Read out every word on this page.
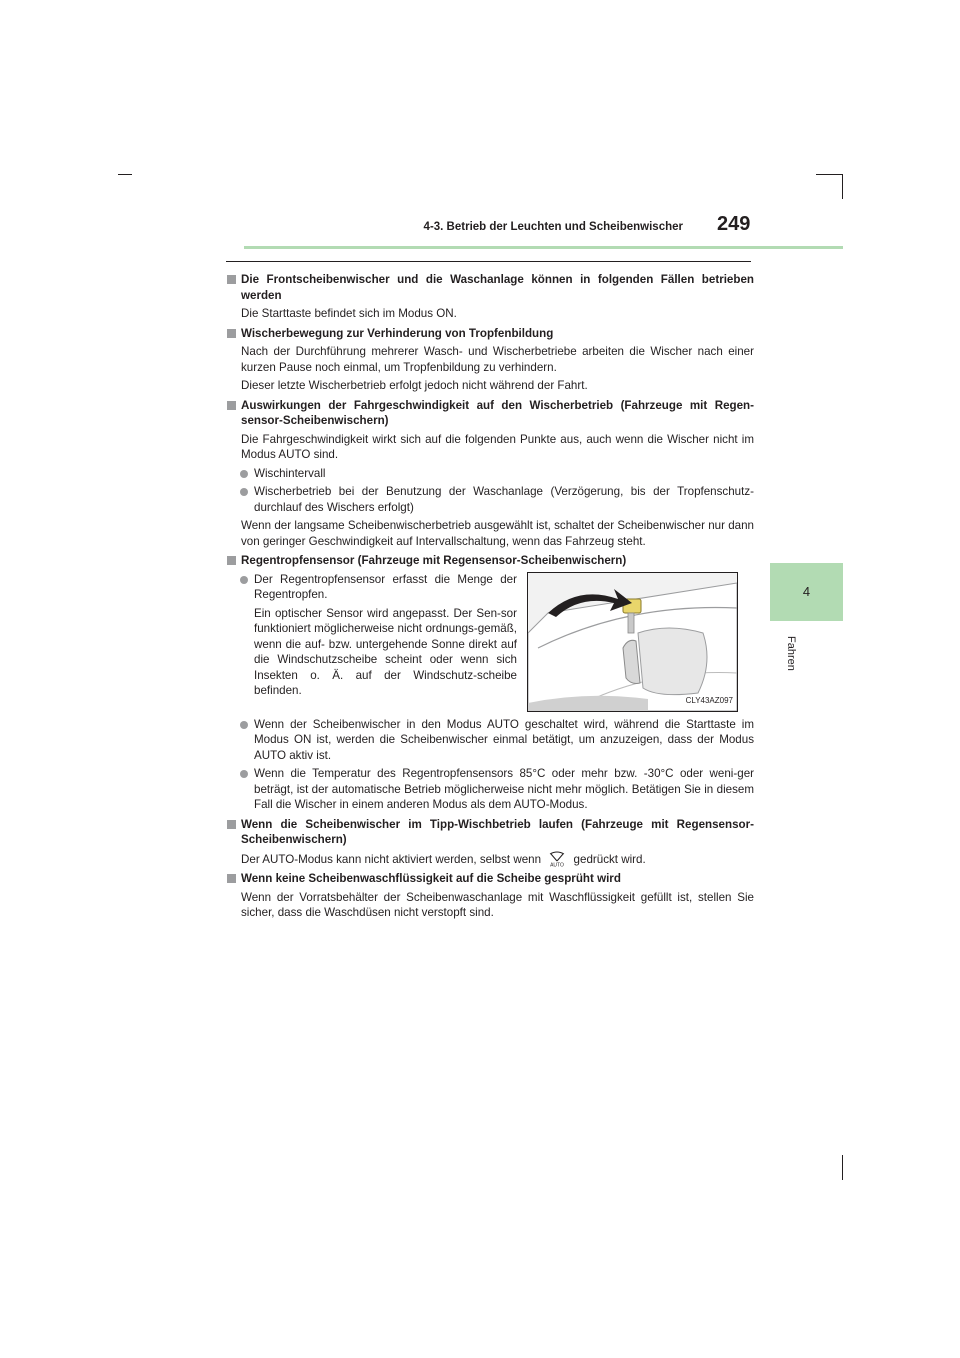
4-3. Betrieb der Leuchten und Scheibenwischer 249
4
Fahren
Die Frontscheibenwischer und die Waschanlage können in folgenden Fällen betrieben werden
Die Starttaste befindet sich im Modus ON.
Wischerbewegung zur Verhinderung von Tropfenbildung
Nach der Durchführung mehrerer Wasch- und Wischerbetriebe arbeiten die Wischer nach einer kurzen Pause noch einmal, um Tropfenbildung zu verhindern.
Dieser letzte Wischerbetrieb erfolgt jedoch nicht während der Fahrt.
Auswirkungen der Fahrgeschwindigkeit auf den Wischerbetrieb (Fahrzeuge mit Regen-sensor-Scheibenwischern)
Die Fahrgeschwindigkeit wirkt sich auf die folgenden Punkte aus, auch wenn die Wischer nicht im Modus AUTO sind.
Wischintervall
Wischerbetrieb bei der Benutzung der Waschanlage (Verzögerung, bis der Tropfenschutz-durchlauf des Wischers erfolgt)
Wenn der langsame Scheibenwischerbetrieb ausgewählt ist, schaltet der Scheibenwischer nur dann von geringer Geschwindigkeit auf Intervallschaltung, wenn das Fahrzeug steht.
Regentropfensensor (Fahrzeuge mit Regensensor-Scheibenwischern)
Der Regentropfensensor erfasst die Menge der Regentropfen.
Ein optischer Sensor wird angepasst. Der Sen-sor funktioniert möglicherweise nicht ordnungs-gemäß, wenn die auf- bzw. untergehende Sonne direkt auf die Windschutzscheibe scheint oder wenn sich Insekten o. Ä. auf der Windschutz-scheibe befinden.
CLY43AZ097
Wenn der Scheibenwischer in den Modus AUTO geschaltet wird, während die Starttaste im Modus ON ist, werden die Scheibenwischer einmal betätigt, um anzuzeigen, dass der Modus AUTO aktiv ist.
Wenn die Temperatur des Regentropfensensors 85°C oder mehr bzw. -30°C oder weni-ger beträgt, ist der automatische Betrieb möglicherweise nicht mehr möglich. Betätigen Sie in diesem Fall die Wischer in einem anderen Modus als dem AUTO-Modus.
Wenn die Scheibenwischer im Tipp-Wischbetrieb laufen (Fahrzeuge mit Regensensor-Scheibenwischern)
Der AUTO-Modus kann nicht aktiviert werden, selbst wenn AUTO gedrückt wird.
Wenn keine Scheibenwaschflüssigkeit auf die Scheibe gesprüht wird
Wenn der Vorratsbehälter der Scheibenwaschanlage mit Waschflüssigkeit gefüllt ist, stellen Sie sicher, dass die Waschdüsen nicht verstopft sind.
